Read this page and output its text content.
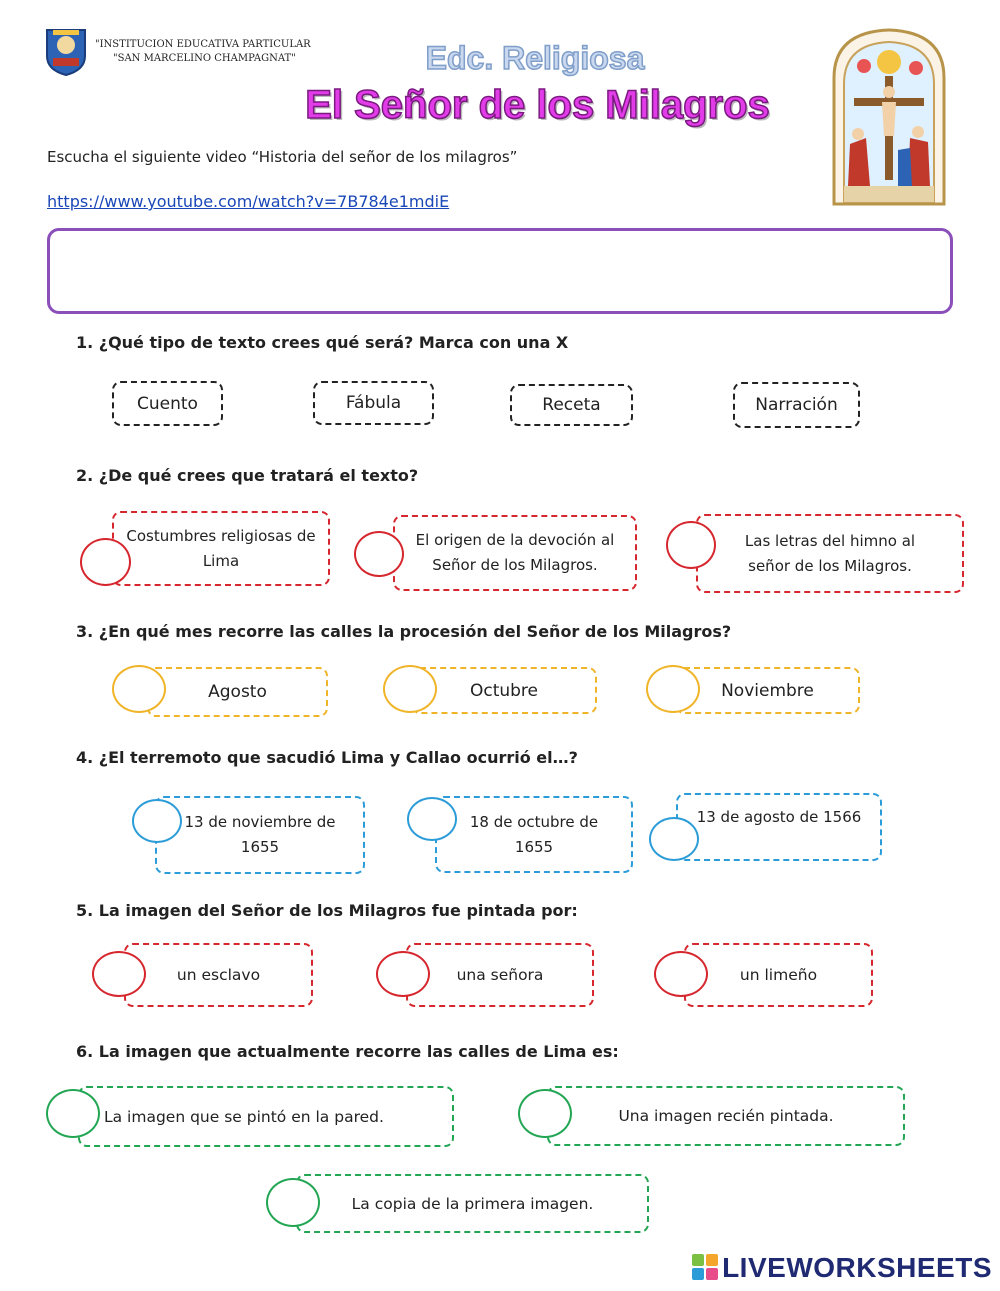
"INSTITUCION EDUCATIVA PARTICULAR
"SAN MARCELINO CHAMPAGNAT"	Edc. Religiosa
El Señor de los Milagros
Escucha el siguiente video “Historia del señor de los milagros”
https://www.youtube.com/watch?v=7B784e1mdiE
1. ¿Qué tipo de texto crees qué será? Marca con una X
Cuento	Fábula	Receta	Narración
2. ¿De qué crees que tratará el texto?
Costumbres religiosas de Lima
El origen de la devoción al Señor de los Milagros.
Las letras del himno al señor de los Milagros.
3. ¿En qué mes recorre las calles la procesión del Señor de los Milagros?
Agosto	Octubre	Noviembre
4. ¿El terremoto que sacudió Lima y Callao ocurrió el…?
13 de noviembre de 1655
18 de octubre de 1655
13 de agosto de 1566
5. La imagen del Señor de los Milagros fue pintada por:
un esclavo	una señora	un limeño
6. La imagen que actualmente recorre las calles de Lima es:
La imagen que se pintó en la pared.	Una imagen recién pintada.
La copia de la primera imagen.
LIVEWORKSHEETS
